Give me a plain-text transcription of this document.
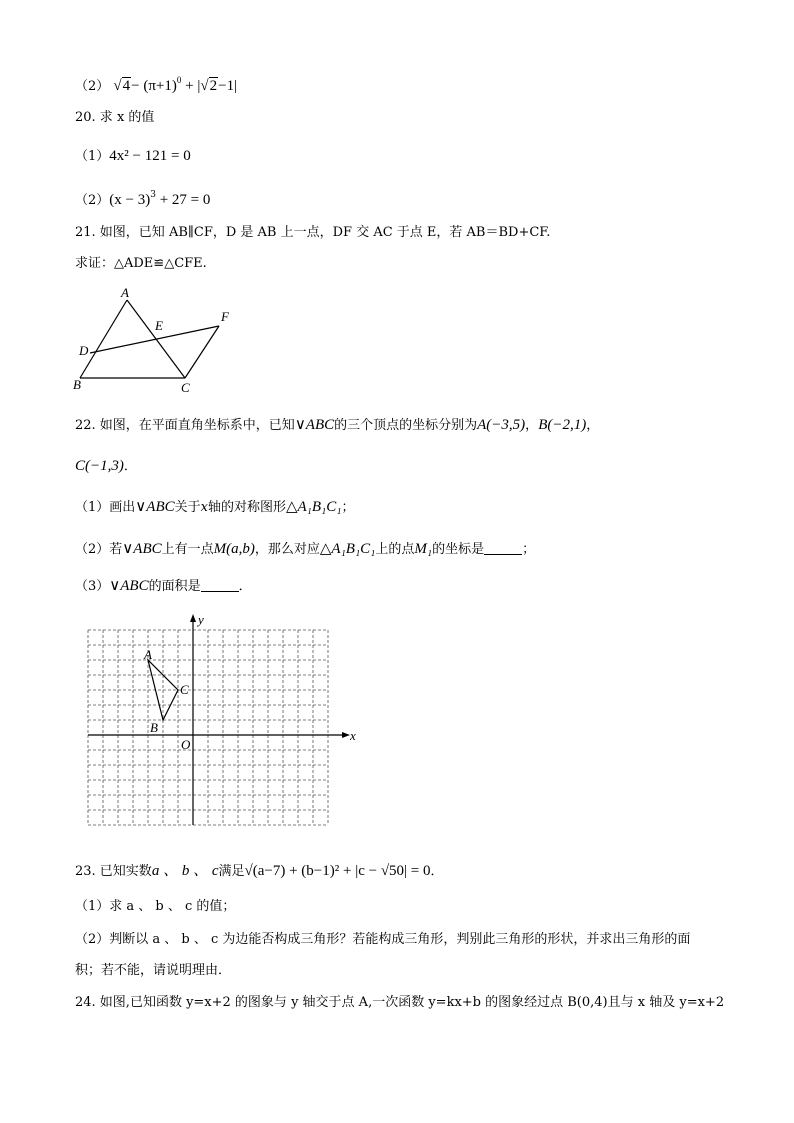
（2） $√4- (\pi+1)^0 + |√2-1|$
20. 求 x 的值
（1）4x² − 121 = 0
$(2)(x - 3)^3 + 27 = 0$
21. 如图，已知 AB∥CF，D 是 AB 上一点，DF 交 AC 于点 E，若 AB＝BD+CF.
求证：△ADE≌△CFE.
A
B	C
D
E
F
22. 如图，在平面直角坐标系中，已知∨ABC的三个顶点的坐标分别为A(−3,5)，B(−2,1)，
C(−1,3)．
（1）画出∨ABC关于x轴的对称图形△A₁B₁C₁；
（2）若∨ABC上有一点M(a,b)，那么对应△A₁B₁C₁上的点M₁的坐标是	；
（3）∨ABC的面积是	．
y
x
O
A
B
C
23. 已知实数a 、 b 、 c满足√(a−7) + (b−1)² + |c − √50| = 0．
（1）求 a 、 b 、 c 的值；
（2）判断以 a 、 b 、 c 为边能否构成三角形？若能构成三角形，判别此三角形的形状，并求出三角形的面
积；若不能，请说明理由．
24. 如图,已知函数 y=x+2 的图象与 y 轴交于点 A,一次函数 y=kx+b 的图象经过点 B(0,4)且与 x 轴及 y=x+2
